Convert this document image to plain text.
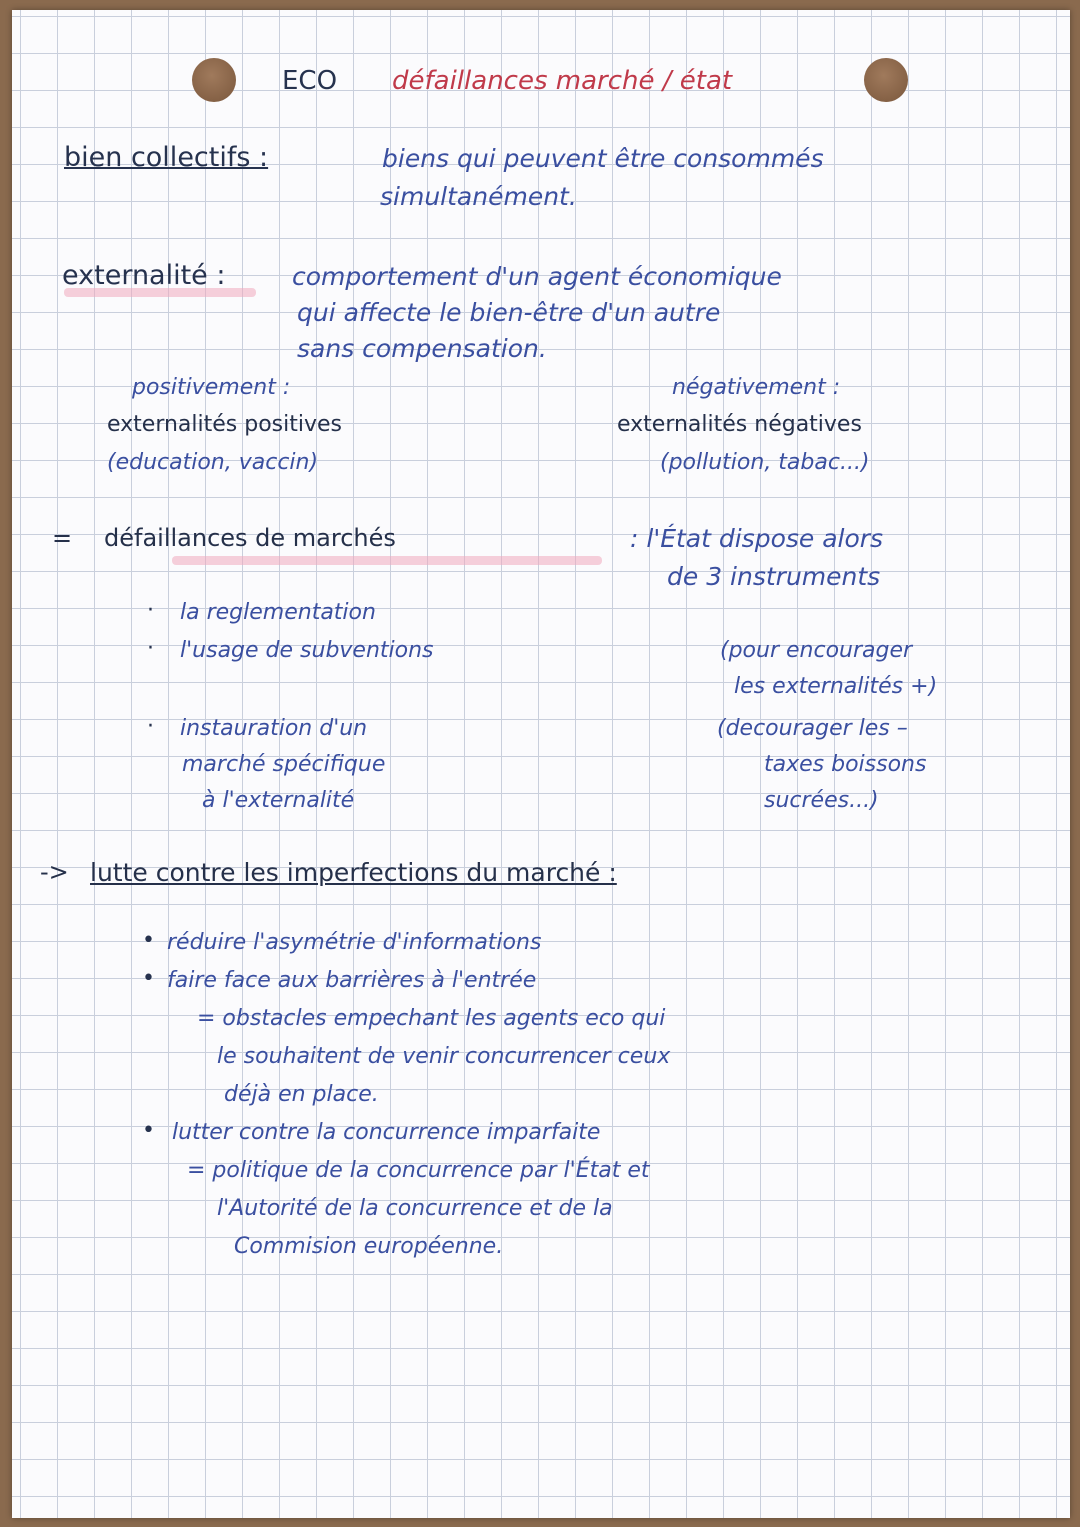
ECO défaillances marché / état
bien collectifs :	biens qui peuvent être consommés
simultanément.
externalité :	comportement d'un agent économique
qui affecte le bien-être d'un autre
sans compensation.
positivement :
externalités positives
(education, vaccin)
négativement :
externalités négatives
(pollution, tabac...)
= défaillances de marchés	: l'État dispose alors
de 3 instruments
· la reglementation
· l'usage de subventions	(pour encourager
les externalités +)
· instauration d'un
marché spécifique
à l'externalité
(decourager les –
taxes boissons
sucrées...)
-> lutte contre les imperfections du marché :
• réduire l'asymétrie d'informations
• faire face aux barrières à l'entrée
= obstacles empechant les agents eco qui
le souhaitent de venir concurrencer ceux
déjà en place.
• lutter contre la concurrence imparfaite
= politique de la concurrence par l'État et
l'Autorité de la concurrence et de la
Commision européenne.
